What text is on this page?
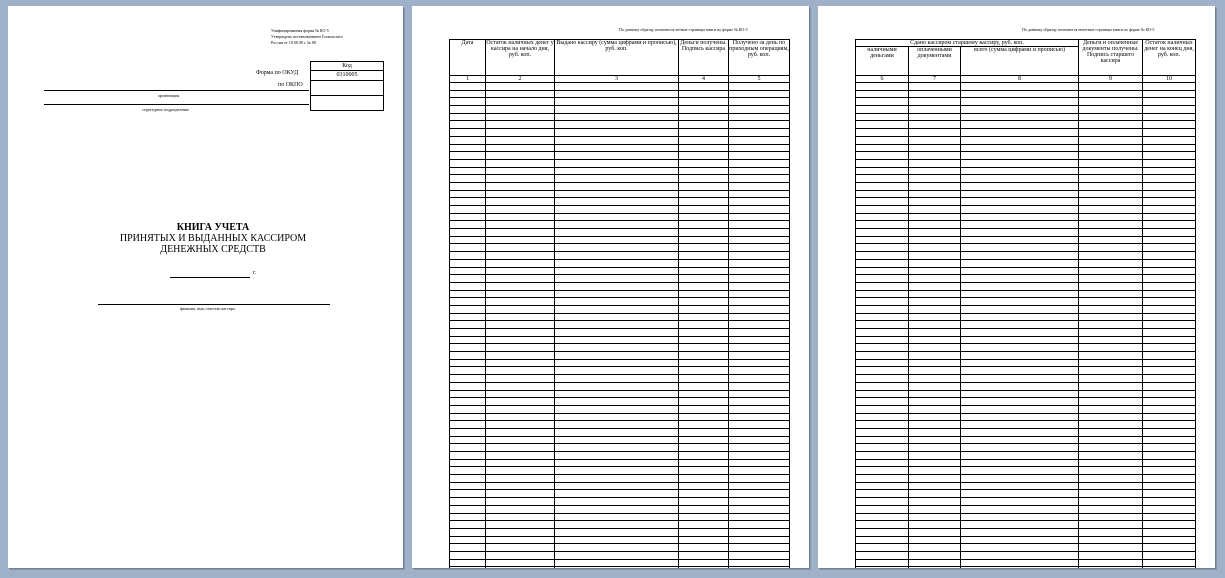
Унифицированная форма № КО-5
Утверждена постановлением Госкомстата
России от 18.08.98 г. № 88
Код
0310005
Форма по ОКУД
по ОКПО
организация
структурное подразделение
КНИГА УЧЕТА
ПРИНЯТЫХ И ВЫДАННЫХ КАССИРОМ
ДЕНЕЖНЫХ СРЕДСТВ
г.
фамилия, имя, отчество кассира
По данному образцу печатаются четные страницы книги по форме № КО-5
Дата	Остаток наличных денег у кассира на начало дня, руб. коп.	Выдано кассиру (сумма цифрами и прописью), руб. коп.	Деньги получены. Подпись кассира	Получено за день по приходным операциям, руб. коп.
1	2	3	4	5

По данному образцу печатаются нечетные страницы книги по форме № КО-5
Сдано кассиром старшему кассиру, руб. коп.			Деньги и оплаченные документы получены. Подпись старшего кассира	Остаток наличных денег на конец дня, руб. коп.
наличными деньгами	оплаченными документами	всего (сумма цифрами и прописью)		
6	7	8	9	10
